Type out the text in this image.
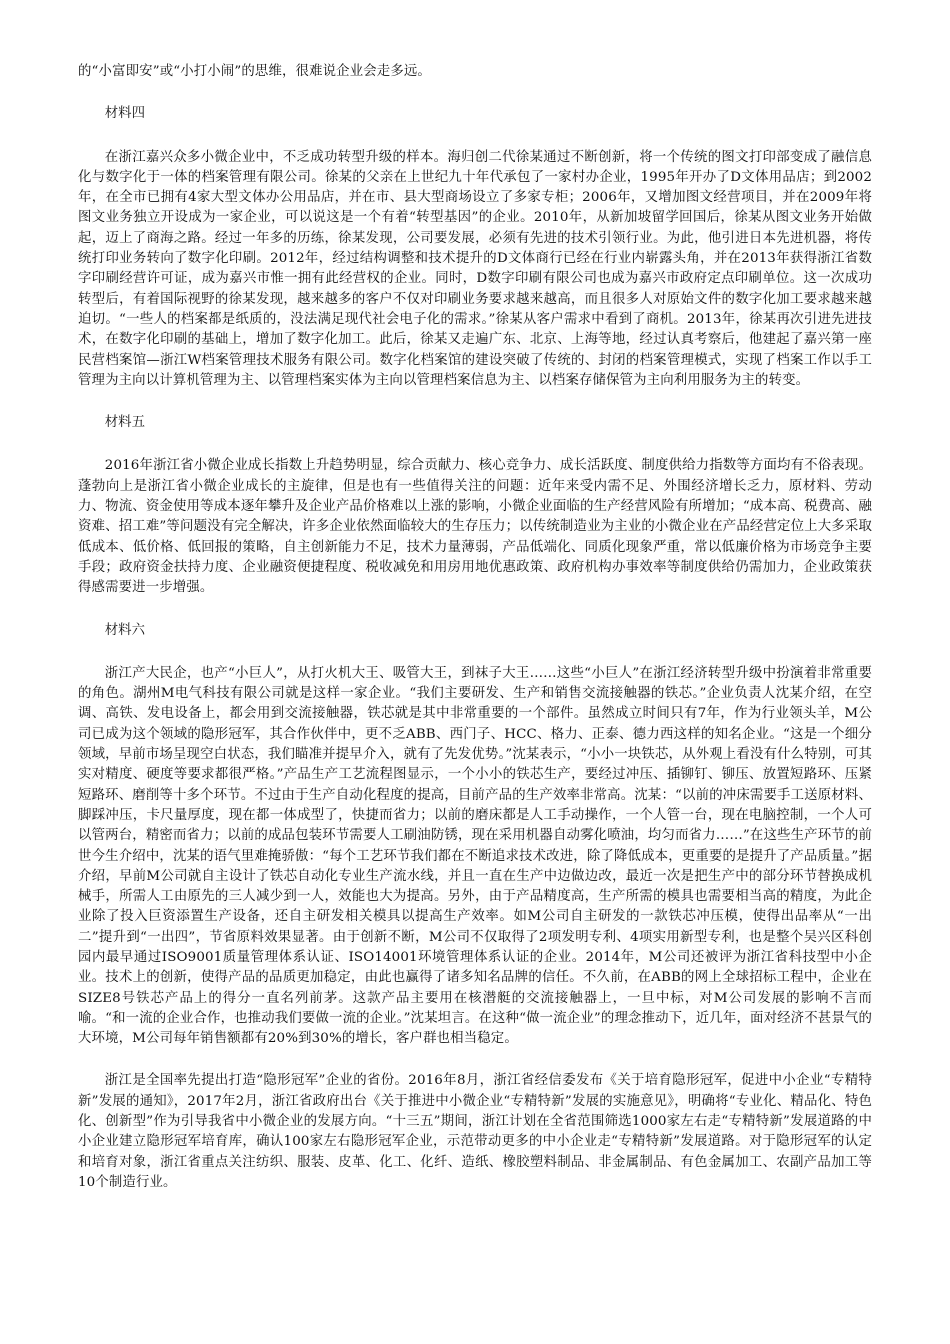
的“小富即安”或“小打小闹”的思维，很难说企业会走多远。

材料四

在浙江嘉兴众多小微企业中，不乏成功转型升级的样本。海归创二代徐某通过不断创新，将一个传统的图文打印部变成了融信息化与数字化于一体的档案管理有限公司。徐某的父亲在上世纪九十年代承包了一家村办企业，1995年开办了D文体用品店；到2002年，在全市已拥有4家大型文体办公用品店，并在市、县大型商场设立了多家专柜；2006年，又增加图文经营项目，并在2009年将图文业务独立开设成为一家企业，可以说这是一个有着“转型基因”的企业。2010年，从新加坡留学回国后，徐某从图文业务开始做起，迈上了商海之路。经过一年多的历练，徐某发现，公司要发展，必须有先进的技术引领行业。为此，他引进日本先进机器，将传统打印业务转向了数字化印刷。2012年，经过结构调整和技术提升的D文体商行已经在行业内崭露头角，并在2013年获得浙江省数字印刷经营许可证，成为嘉兴市惟一拥有此经营权的企业。同时，D数字印刷有限公司也成为嘉兴市政府定点印刷单位。这一次成功转型后，有着国际视野的徐某发现，越来越多的客户不仅对印刷业务要求越来越高，而且很多人对原始文件的数字化加工要求越来越迫切。“一些人的档案都是纸质的，没法满足现代社会电子化的需求。”徐某从客户需求中看到了商机。2013年，徐某再次引进先进技术，在数字化印刷的基础上，增加了数字化加工。此后，徐某又走遍广东、北京、上海等地，经过认真考察后，他建起了嘉兴第一座民营档案馆—浙江W档案管理技术服务有限公司。数字化档案馆的建设突破了传统的、封闭的档案管理模式，实现了档案工作以手工管理为主向以计算机管理为主、以管理档案实体为主向以管理档案信息为主、以档案存储保管为主向利用服务为主的转变。

材料五

2016年浙江省小微企业成长指数上升趋势明显，综合贡献力、核心竞争力、成长活跃度、制度供给力指数等方面均有不俗表现。蓬勃向上是浙江省小微企业成长的主旋律，但是也有一些值得关注的问题：近年来受内需不足、外围经济增长乏力，原材料、劳动力、物流、资金使用等成本逐年攀升及企业产品价格难以上涨的影响，小微企业面临的生产经营风险有所增加；“成本高、税费高、融资难、招工难”等问题没有完全解决，许多企业依然面临较大的生存压力；以传统制造业为主业的小微企业在产品经营定位上大多采取低成本、低价格、低回报的策略，自主创新能力不足，技术力量薄弱，产品低端化、同质化现象严重，常以低廉价格为市场竞争主要手段；政府资金扶持力度、企业融资便捷程度、税收减免和用房用地优惠政策、政府机构办事效率等制度供给仍需加力，企业政策获得感需要进一步增强。

材料六

浙江产大民企，也产“小巨人”，从打火机大王、吸管大王，到袜子大王……这些“小巨人”在浙江经济转型升级中扮演着非常重要的角色。湖州M电气科技有限公司就是这样一家企业。“我们主要研发、生产和销售交流接触器的铁芯。”企业负责人沈某介绍，在空调、高铁、发电设备上，都会用到交流接触器，铁芯就是其中非常重要的一个部件。虽然成立时间只有7年，作为行业领头羊，M公司已成为这个领域的隐形冠军，其合作伙伴中，更不乏ABB、西门子、HCC、格力、正泰、德力西这样的知名企业。“这是一个细分领域，早前市场呈现空白状态，我们瞄准并提早介入，就有了先发优势。”沈某表示，“小小一块铁芯，从外观上看没有什么特别，可其实对精度、硬度等要求都很严格。”产品生产工艺流程图显示，一个小小的铁芯生产，要经过冲压、插铆钉、铆压、放置短路环、压紧短路环、磨削等十多个环节。不过由于生产自动化程度的提高，目前产品的生产效率非常高。沈某：“以前的冲床需要手工送原材料、脚踩冲压，卡尺量厚度，现在都一体成型了，快捷而省力；以前的磨床都是人工手动操作，一个人管一台，现在电脑控制，一个人可以管两台，精密而省力；以前的成品包装环节需要人工刷油防锈，现在采用机器自动雾化喷油，均匀而省力……”在这些生产环节的前世今生介绍中，沈某的语气里难掩骄傲：“每个工艺环节我们都在不断追求技术改进，除了降低成本，更重要的是提升了产品质量。”据介绍，早前M公司就自主设计了铁芯自动化专业生产流水线，并且一直在生产中边做边改，最近一次是把生产中的部分环节替换成机械手，所需人工由原先的三人减少到一人，效能也大为提高。另外，由于产品精度高，生产所需的模具也需要相当高的精度，为此企业除了投入巨资添置生产设备，还自主研发相关模具以提高生产效率。如M公司自主研发的一款铁芯冲压模，使得出品率从“一出二”提升到“一出四”，节省原料效果显著。由于创新不断，M公司不仅取得了2项发明专利、4项实用新型专利，也是整个吴兴区科创园内最早通过ISO9001质量管理体系认证、ISO14001环境管理体系认证的企业。2014年，M公司还被评为浙江省科技型中小企业。技术上的创新，使得产品的品质更加稳定，由此也赢得了诸多知名品牌的信任。不久前，在ABB的网上全球招标工程中，企业在SIZE8号铁芯产品上的得分一直名列前茅。这款产品主要用在核潜艇的交流接触器上，一旦中标，对M公司发展的影响不言而喻。“和一流的企业合作，也推动我们要做一流的企业。”沈某坦言。在这种“做一流企业”的理念推动下，近几年，面对经济不甚景气的大环境，M公司每年销售额都有20%到30%的增长，客户群也相当稳定。

浙江是全国率先提出打造“隐形冠军”企业的省份。2016年8月，浙江省经信委发布《关于培育隐形冠军，促进中小企业“专精特新”发展的通知》，2017年2月，浙江省政府出台《关于推进中小微企业“专精特新”发展的实施意见》，明确将“专业化、精品化、特色化、创新型”作为引导我省中小微企业的发展方向。“十三五”期间，浙江计划在全省范围筛选1000家左右走“专精特新”发展道路的中小企业建立隐形冠军培育库，确认100家左右隐形冠军企业，示范带动更多的中小企业走“专精特新”发展道路。对于隐形冠军的认定和培育对象，浙江省重点关注纺织、服装、皮革、化工、化纤、造纸、橡胶塑料制品、非金属制品、有色金属加工、农副产品加工等10个制造行业。
